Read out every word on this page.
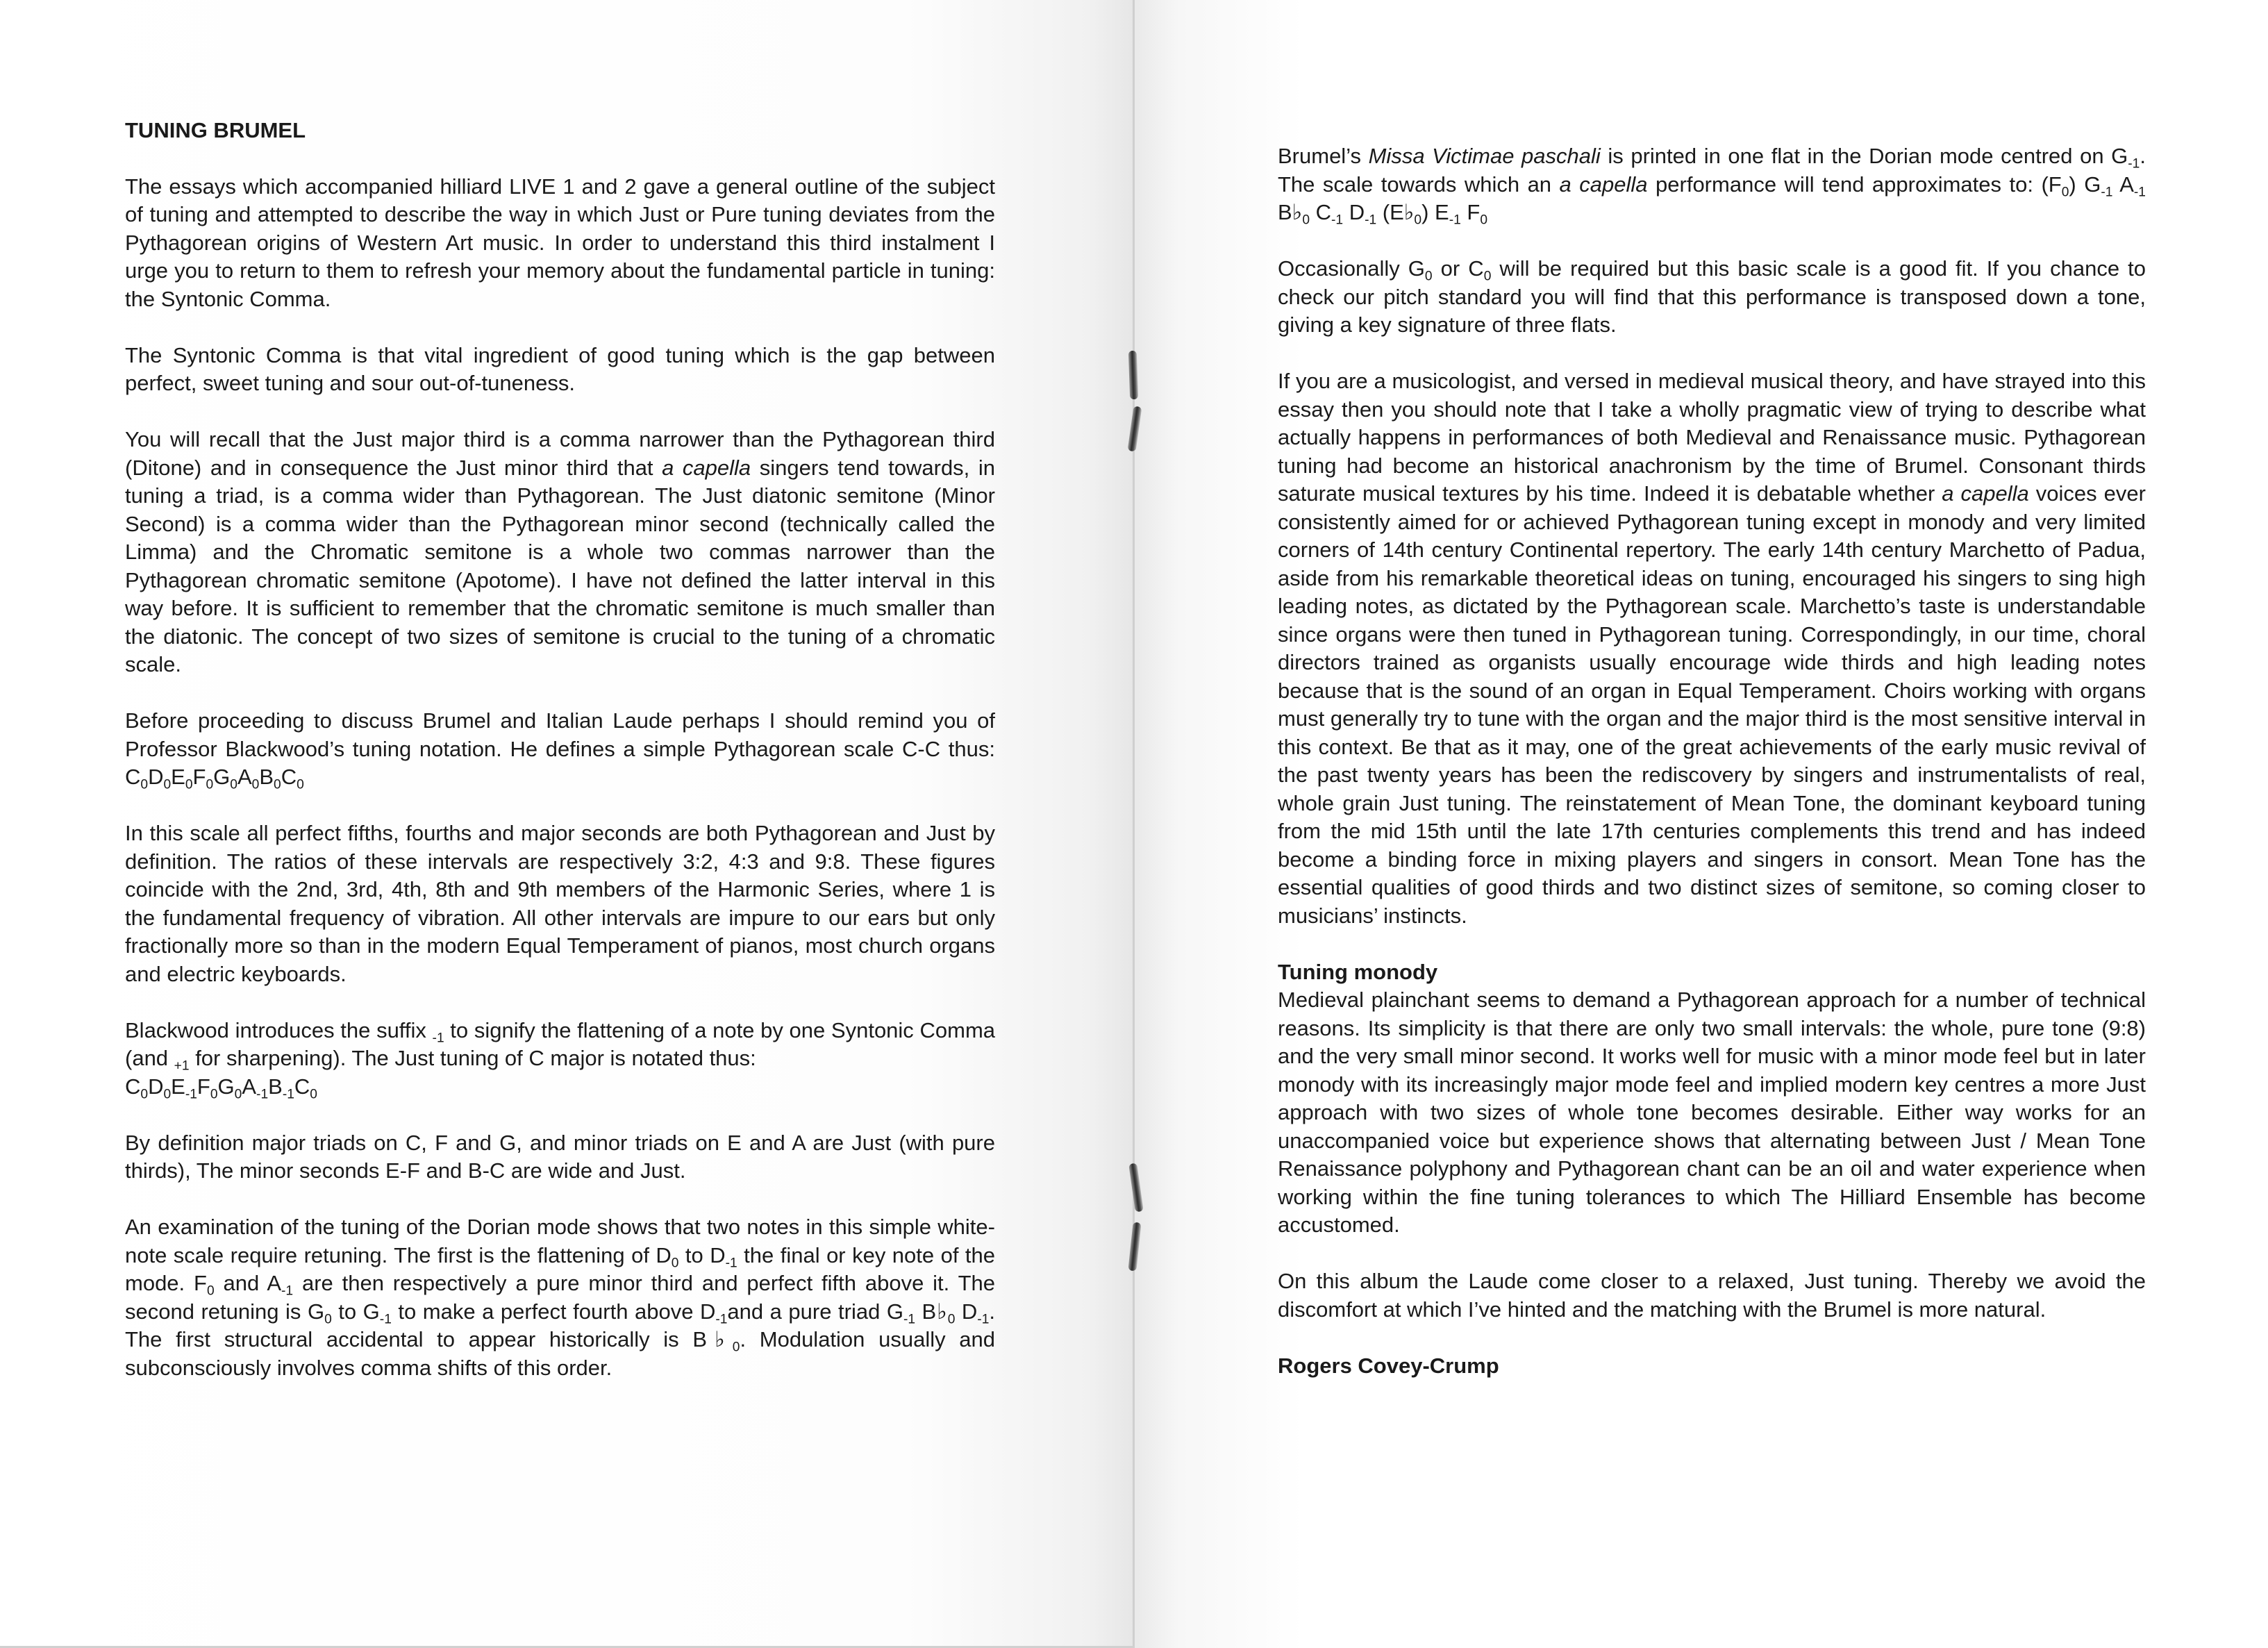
TUNING BRUMEL

The essays which accompanied hilliard LIVE 1 and 2 gave a general outline of the subject of tuning and attempted to describe the way in which Just or Pure tuning deviates from the Pythagorean origins of Western Art music. In order to understand this third instalment I urge you to return to them to refresh your memory about the fundamental particle in tuning: the Syntonic Comma.

The Syntonic Comma is that vital ingredient of good tuning which is the gap between perfect, sweet tuning and sour out-of-tuneness.

You will recall that the Just major third is a comma narrower than the Pythagorean third (Ditone) and in consequence the Just minor third that a capella singers tend towards, in tuning a triad, is a comma wider than Pythagorean. The Just diatonic semitone (Minor Second) is a comma wider than the Pythagorean minor second (technically called the Limma) and the Chromatic semitone is a whole two commas narrower than the Pythagorean chromatic semitone (Apotome). I have not defined the latter interval in this way before. It is sufficient to remember that the chromatic semitone is much smaller than the diatonic. The concept of two sizes of semitone is crucial to the tuning of a chromatic scale.

Before proceeding to discuss Brumel and Italian Laude perhaps I should remind you of Professor Blackwood’s tuning notation. He defines a simple Pythagorean scale C-C thus: $C_0D_0E_0F_0G_0A_0B_0C_0$

In this scale all perfect fifths, fourths and major seconds are both Pythagorean and Just by definition. The ratios of these intervals are respectively 3:2, 4:3 and 9:8. These figures coincide with the 2nd, 3rd, 4th, 8th and 9th members of the Harmonic Series, where 1 is the fundamental frequency of vibration. All other intervals are impure to our ears but only fractionally more so than in the modern Equal Temperament of pianos, most church organs and electric keyboards.

Blackwood introduces the suffix $_{-1}$ to signify the flattening of a note by one Syntonic Comma (and $_{+1}$ for sharpening). The Just tuning of C major is notated thus:
$C_0D_0E_{-1}F_0G_0A_{-1}B_{-1}C_0$

By definition major triads on C, F and G, and minor triads on E and A are Just (with pure thirds), The minor seconds E-F and B-C are wide and Just.

An examination of the tuning of the Dorian mode shows that two notes in this simple white-note scale require retuning. The first is the flattening of $D_0$ to $D_{-1}$ the final or key note of the mode. $F_0$ and $A_{-1}$ are then respectively a pure minor third and perfect fifth above it. The second retuning is $G_0$ to $G_{-1}$ to make a perfect fourth above $D_{-1}and$ a pure triad $G_{-1}$ $B♭_0$ $D_{-1}$. The first structural accidental to appear historically is $B♭_0$. Modulation usually and subconsciously involves comma shifts of this order.

Brumel’s Missa Victimae paschali is printed in one flat in the Dorian mode centred on $G_{-1}$. The scale towards which an a capella performance will tend approximates to: $(F_0)$ $G_{-1}$ $A_{-1}$ $B♭_0$ $C_{-1}$ $D_{-1}$ $(E♭_0)$ $E_{-1}$ $F_0$

Occasionally $G_0$ or $C_0$ will be required but this basic scale is a good fit. If you chance to check our pitch standard you will find that this performance is transposed down a tone, giving a key signature of three flats.

If you are a musicologist, and versed in medieval musical theory, and have strayed into this essay then you should note that I take a wholly pragmatic view of trying to describe what actually happens in performances of both Medieval and Renaissance music. Pythagorean tuning had become an historical anachronism by the time of Brumel. Consonant thirds saturate musical textures by his time. Indeed it is debatable whether a capella voices ever consistently aimed for or achieved Pythagorean tuning except in monody and very limited corners of 14th century Continental repertory. The early 14th century Marchetto of Padua, aside from his remarkable theoretical ideas on tuning, encouraged his singers to sing high leading notes, as dictated by the Pythagorean scale. Marchetto’s taste is understandable since organs were then tuned in Pythagorean tuning. Correspondingly, in our time, choral directors trained as organists usually encourage wide thirds and high leading notes because that is the sound of an organ in Equal Temperament. Choirs working with organs must generally try to tune with the organ and the major third is the most sensitive interval in this context. Be that as it may, one of the great achievements of the early music revival of the past twenty years has been the rediscovery by singers and instrumentalists of real, whole grain Just tuning. The reinstatement of Mean Tone, the dominant keyboard tuning from the mid 15th until the late 17th centuries complements this trend and has indeed become a binding force in mixing players and singers in consort. Mean Tone has the essential qualities of good thirds and two distinct sizes of semitone, so coming closer to musicians’ instincts.

Tuning monody

Medieval plainchant seems to demand a Pythagorean approach for a number of technical reasons. Its simplicity is that there are only two small intervals: the whole, pure tone (9:8) and the very small minor second. It works well for music with a minor mode feel but in later monody with its increasingly major mode feel and implied modern key centres a more Just approach with two sizes of whole tone becomes desirable. Either way works for an unaccompanied voice but experience shows that alternating between Just / Mean Tone Renaissance polyphony and Pythagorean chant can be an oil and water experience when working within the fine tuning tolerances to which The Hilliard Ensemble has become accustomed.

On this album the Laude come closer to a relaxed, Just tuning. Thereby we avoid the discomfort at which I’ve hinted and the matching with the Brumel is more natural.

Rogers Covey-Crump
